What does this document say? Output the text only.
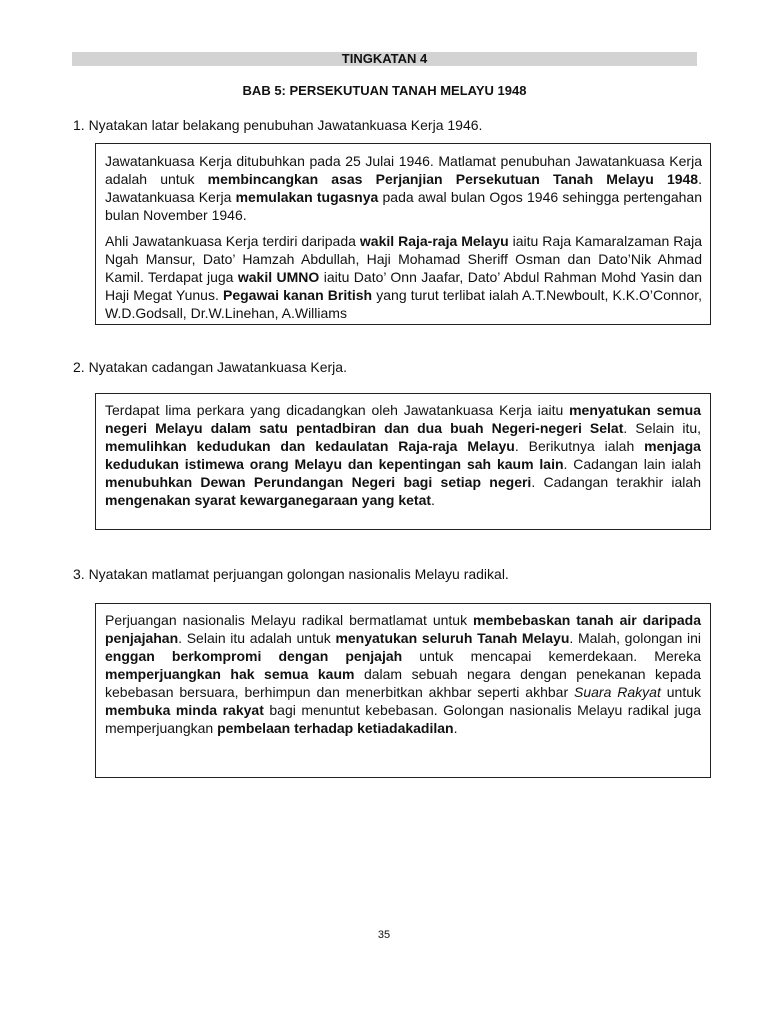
TINGKATAN 4
BAB 5: PERSEKUTUAN TANAH MELAYU 1948
1. Nyatakan latar belakang penubuhan Jawatankuasa Kerja 1946.

Jawatankuasa Kerja ditubuhkan pada 25 Julai 1946. Matlamat penubuhan Jawatankuasa Kerja adalah untuk membincangkan asas Perjanjian Persekutuan Tanah Melayu 1948. Jawatankuasa Kerja memulakan tugasnya pada awal bulan Ogos 1946 sehingga pertengahan bulan November 1946.

Ahli Jawatankuasa Kerja terdiri daripada wakil Raja-raja Melayu iaitu Raja Kamaralzaman Raja Ngah Mansur, Dato’ Hamzah Abdullah, Haji Mohamad Sheriff Osman dan Dato’Nik Ahmad Kamil. Terdapat juga wakil UMNO iaitu Dato’ Onn Jaafar, Dato’ Abdul Rahman Mohd Yasin dan Haji Megat Yunus. Pegawai kanan British yang turut terlibat ialah A.T.Newboult, K.K.O’Connor, W.D.Godsall, Dr.W.Linehan, A.Williams

2. Nyatakan cadangan Jawatankuasa Kerja.

Terdapat lima perkara yang dicadangkan oleh Jawatankuasa Kerja iaitu menyatukan semua negeri Melayu dalam satu pentadbiran dan dua buah Negeri-negeri Selat. Selain itu, memulihkan kedudukan dan kedaulatan Raja-raja Melayu. Berikutnya ialah menjaga kedudukan istimewa orang Melayu dan kepentingan sah kaum lain. Cadangan lain ialah menubuhkan Dewan Perundangan Negeri bagi setiap negeri. Cadangan terakhir ialah mengenakan syarat kewarganegaraan yang ketat.

3. Nyatakan matlamat perjuangan golongan nasionalis Melayu radikal.

Perjuangan nasionalis Melayu radikal bermatlamat untuk membebaskan tanah air daripada penjajahan. Selain itu adalah untuk menyatukan seluruh Tanah Melayu. Malah, golongan ini enggan berkompromi dengan penjajah untuk mencapai kemerdekaan. Mereka memperjuangkan hak semua kaum dalam sebuah negara dengan penekanan kepada kebebasan bersuara, berhimpun dan menerbitkan akhbar seperti akhbar Suara Rakyat untuk membuka minda rakyat bagi menuntut kebebasan. Golongan nasionalis Melayu radikal juga memperjuangkan pembelaan terhadap ketiadakadilan.

35
